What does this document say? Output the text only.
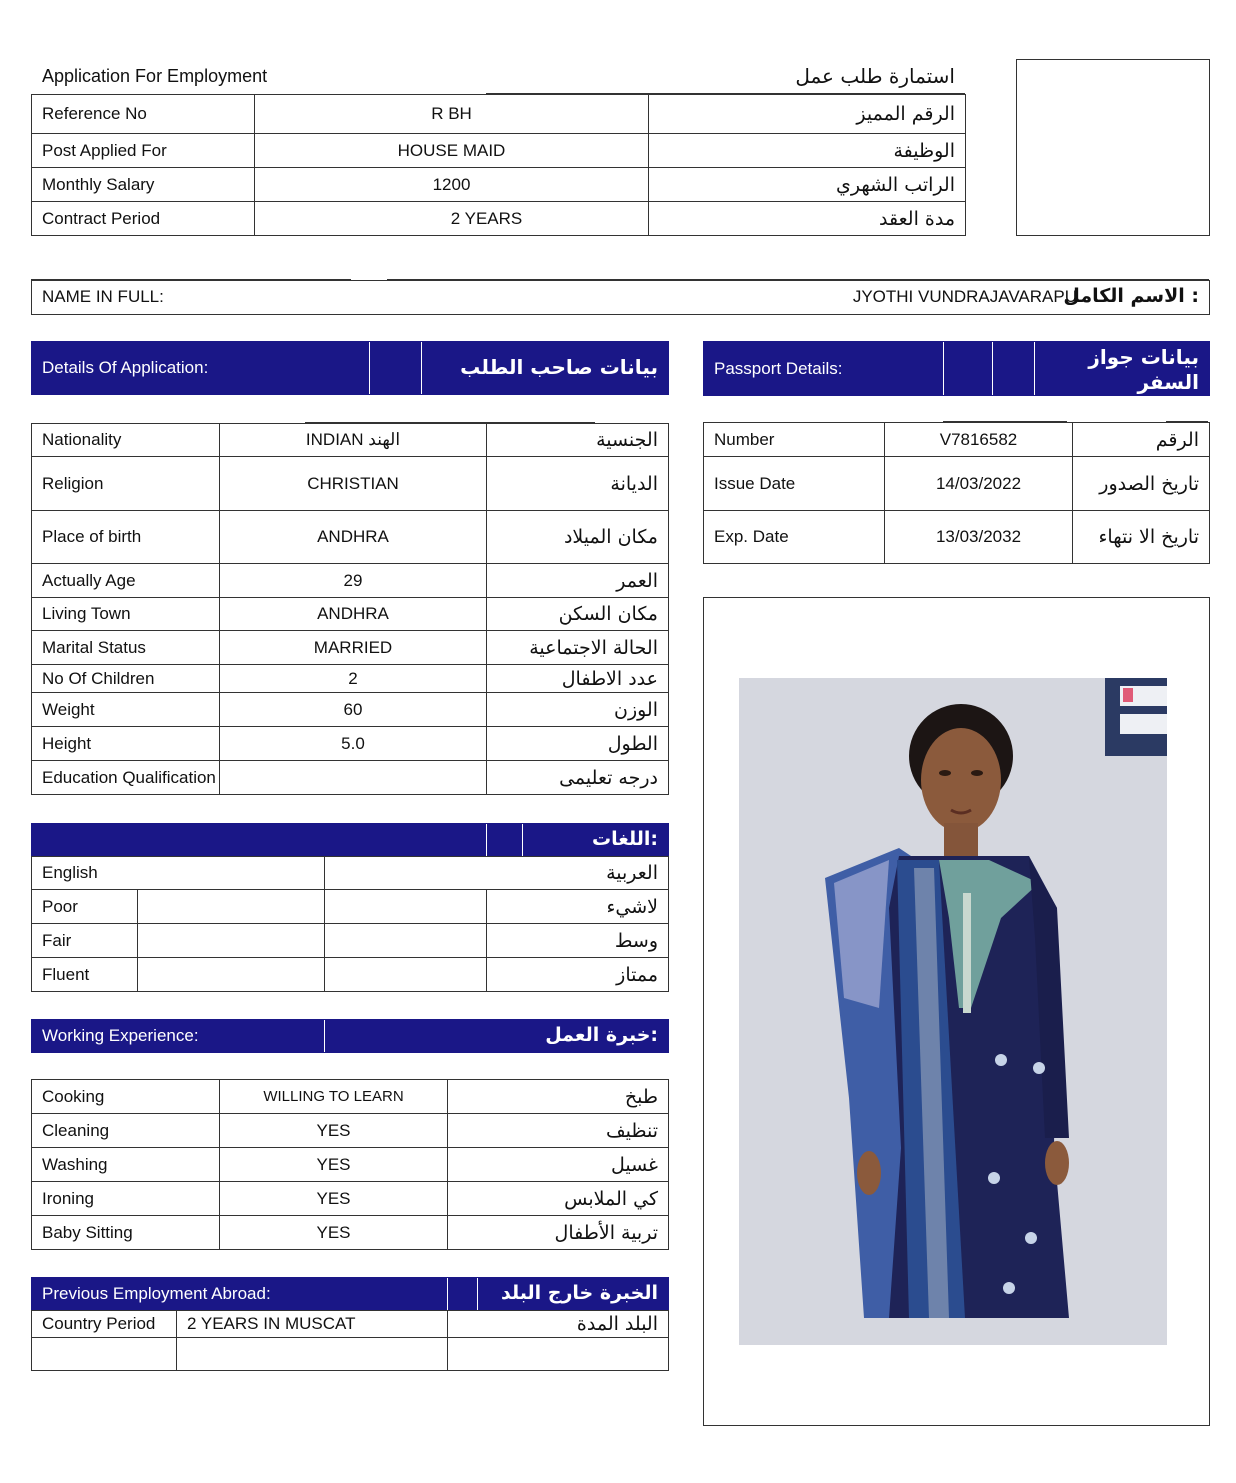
Application For Employment	استمارة طلب عمل
Reference No	R BH	الرقم المميز
Post Applied For	HOUSE MAID	الوظيفة
Monthly Salary	1200	الراتب الشهري
Contract Period	2 YEARS	مدة العقد
NAME IN FULL:	JYOTHI VUNDRAJAVARAPU
: الاسم الكامل
Details Of Application:	بيانات صاحب الطلب	Passport Details:	بيانات جواز السفر
Nationality	INDIAN الهند	الجنسية
Religion	CHRISTIAN	الديانة
Place of birth	ANDHRA	مكان الميلاد
Actually Age	29	العمر
Living Town	ANDHRA	مكان السكن
Marital Status	MARRIED	الحالة الاجتماعية
No Of Children	2	عدد الاطفال
Weight	60	الوزن
Height	5.0	الطول
Education Qualification		درجه تعليمى
Number	V7816582	الرقم
Issue Date	14/03/2022	تاريخ الصدور
Exp. Date	13/03/2032	تاريخ الا نتهاء
:اللغات
English		العربية	
Poor			لاشيء
Fair			وسط
Fluent			ممتاز
Working Experience:	:خبرة العمل
Cooking	WILLING TO LEARN	طبخ
Cleaning	YES	تنظيف
Washing	YES	غسيل
Ironing	YES	كي الملابس
Baby Sitting	YES	تربية الأطفال
Previous Employment Abroad:	الخبرة خارج البلد
Country Period	2 YEARS IN MUSCAT	البلد المدة
